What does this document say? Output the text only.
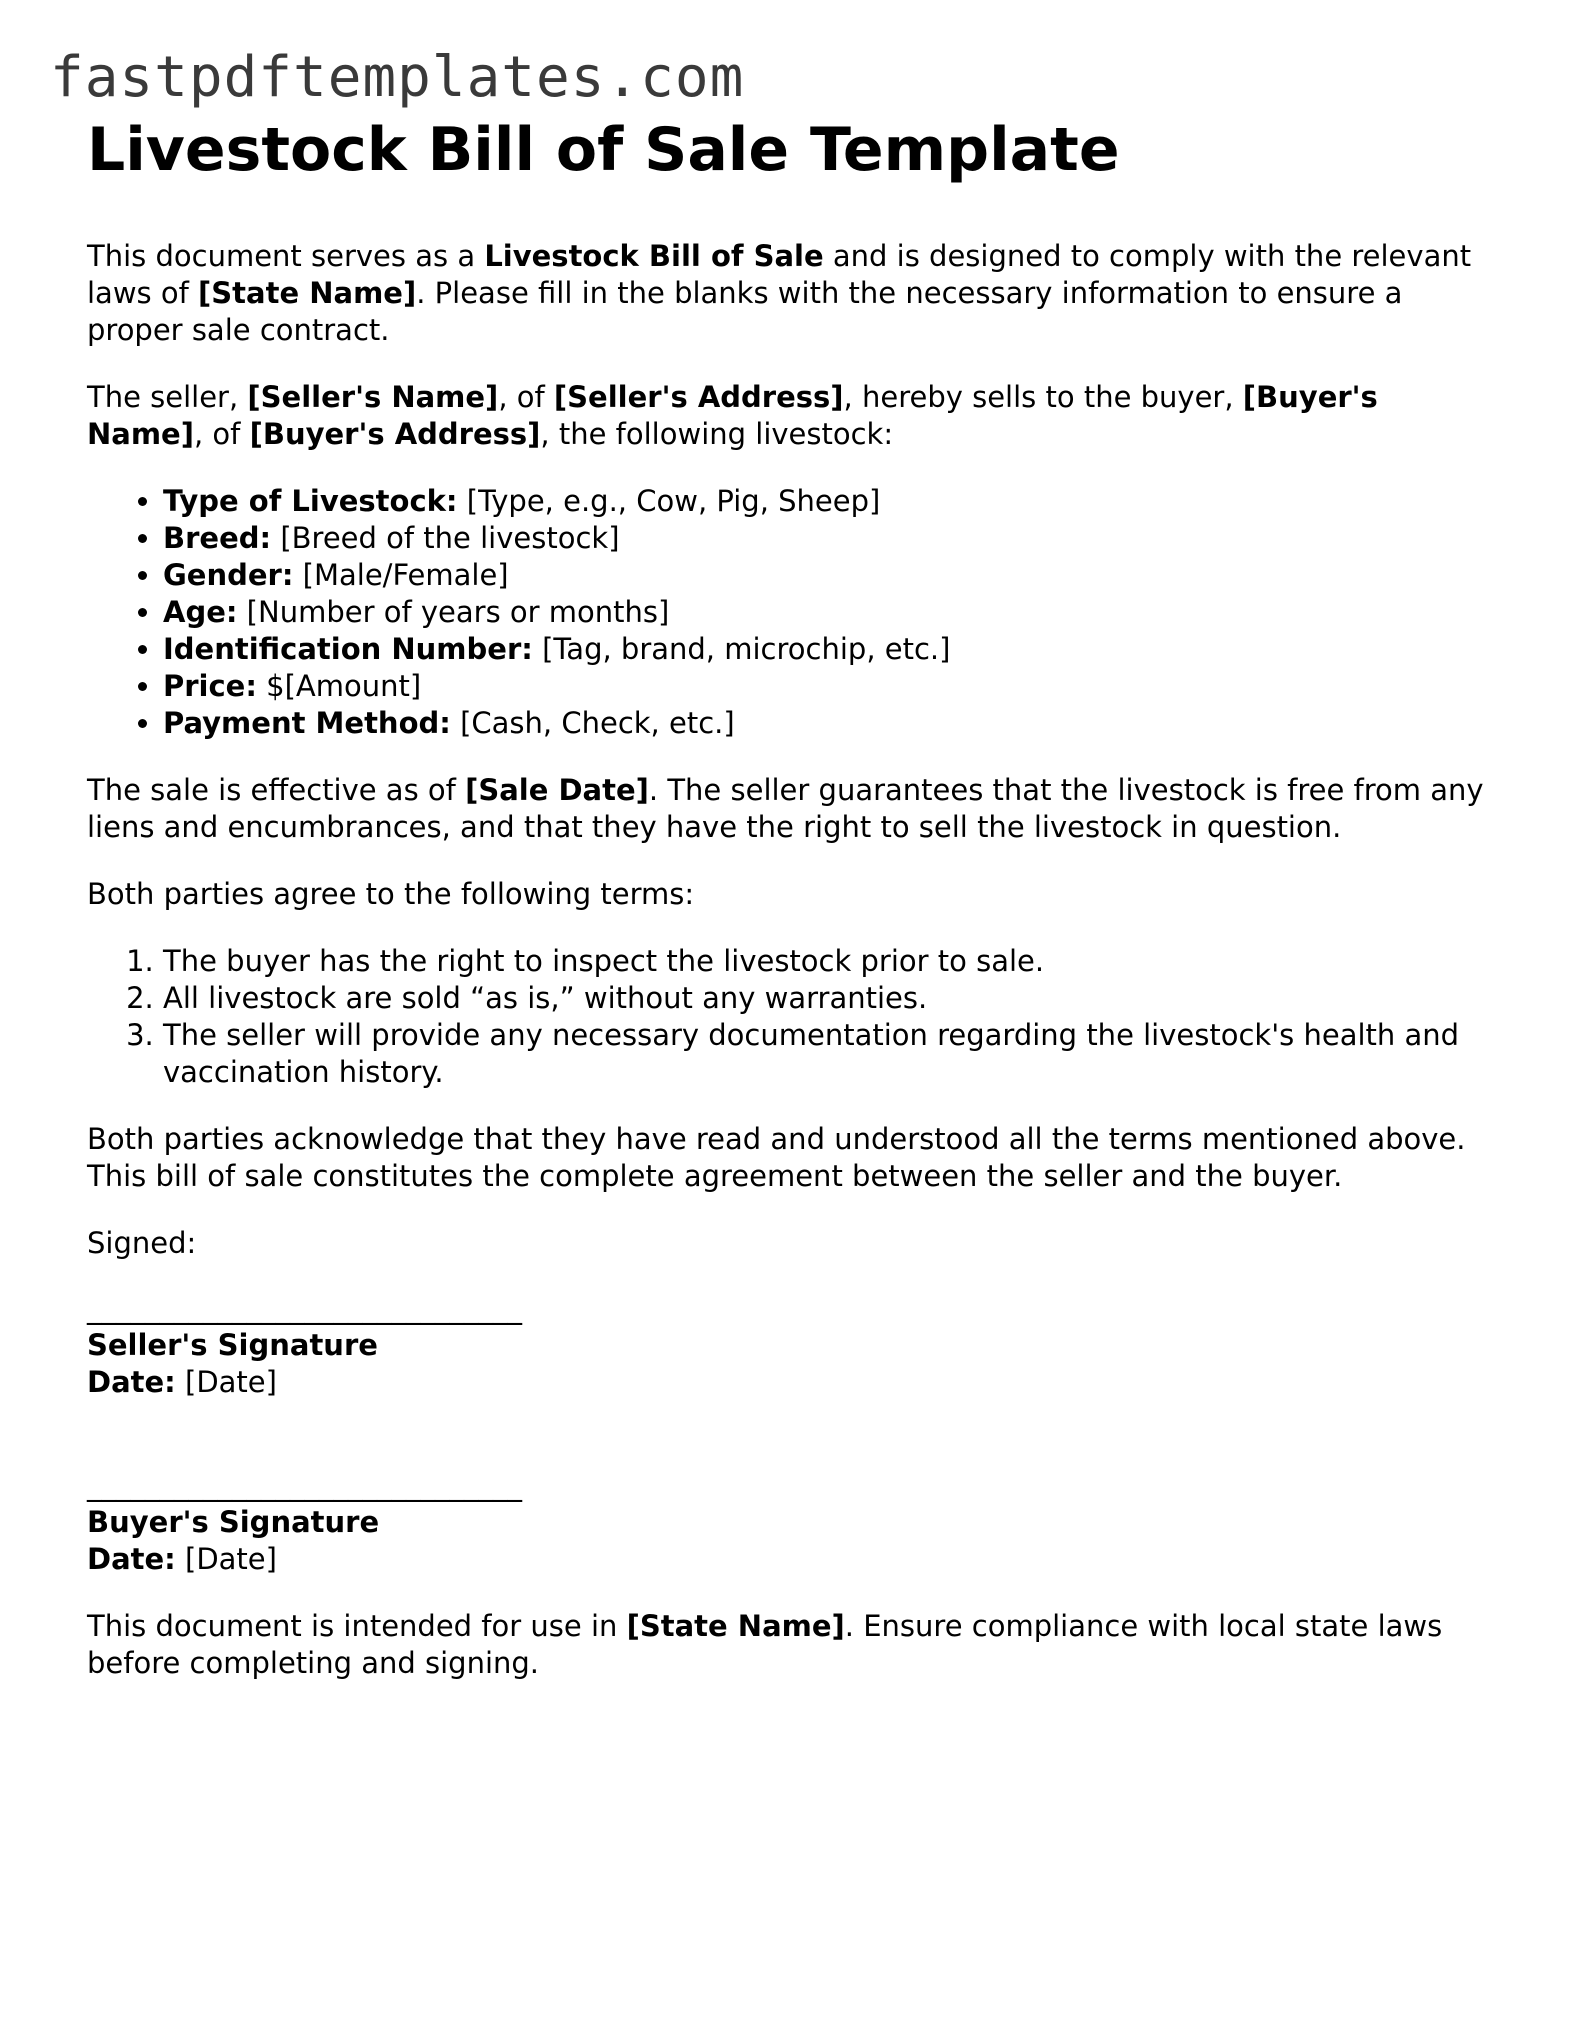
fastpdftemplates.com
Livestock Bill of Sale Template

This document serves as a Livestock Bill of Sale and is designed to comply with the relevant laws of [State Name]. Please fill in the blanks with the necessary information to ensure a proper sale contract.

The seller, [Seller's Name], of [Seller's Address], hereby sells to the buyer, [Buyer's Name], of [Buyer's Address], the following livestock:

• Type of Livestock: [Type, e.g., Cow, Pig, Sheep]
• Breed: [Breed of the livestock]
• Gender: [Male/Female]
• Age: [Number of years or months]
• Identification Number: [Tag, brand, microchip, etc.]
• Price: $[Amount]
• Payment Method: [Cash, Check, etc.]

The sale is effective as of [Sale Date]. The seller guarantees that the livestock is free from any liens and encumbrances, and that they have the right to sell the livestock in question.

Both parties agree to the following terms:

1. The buyer has the right to inspect the livestock prior to sale.
2. All livestock are sold “as is,” without any warranties.
3. The seller will provide any necessary documentation regarding the livestock's health and vaccination history.

Both parties acknowledge that they have read and understood all the terms mentioned above. This bill of sale constitutes the complete agreement between the seller and the buyer.

Signed:
______________________________
Seller's Signature
Date: [Date]
______________________________
Buyer's Signature
Date: [Date]

This document is intended for use in [State Name]. Ensure compliance with local state laws before completing and signing.
